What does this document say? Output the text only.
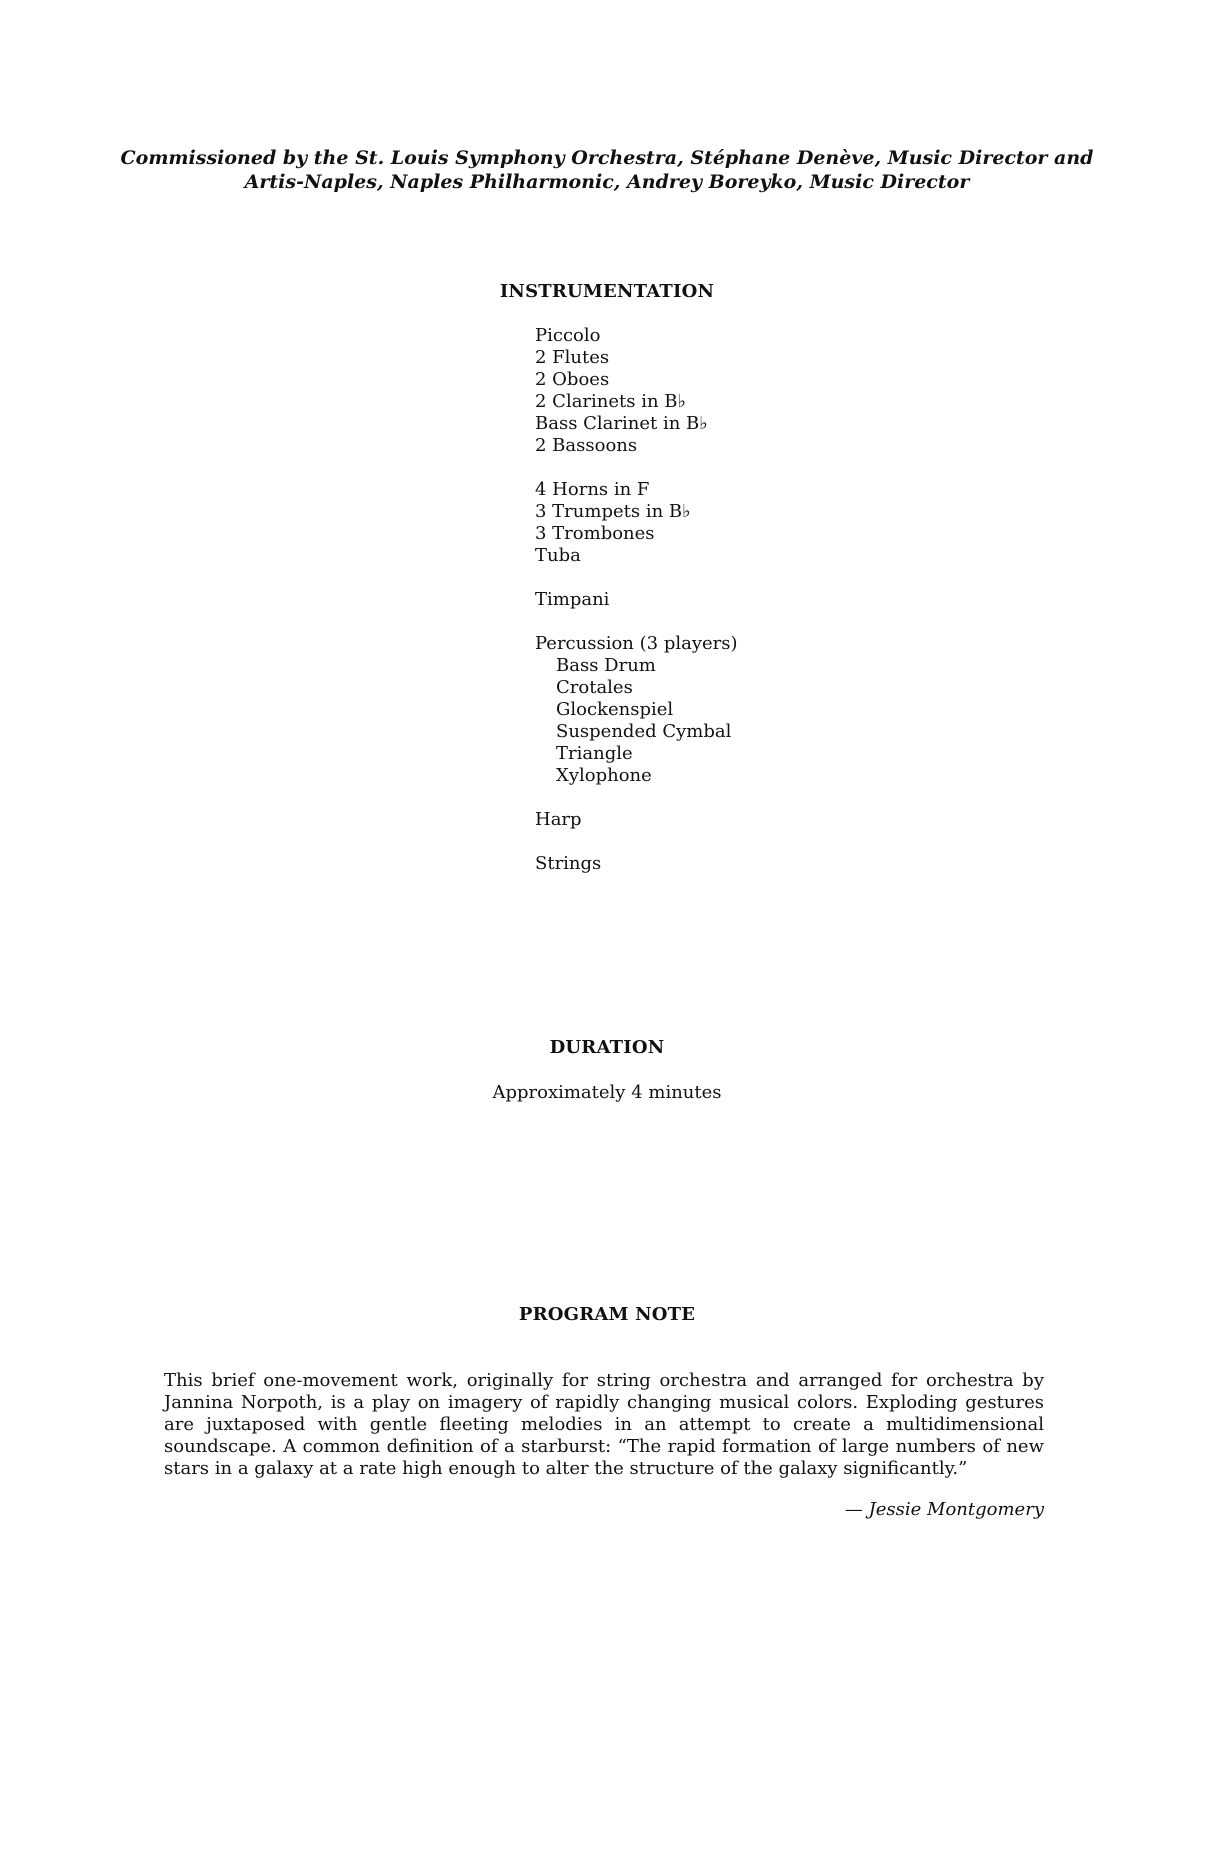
Commissioned by the St. Louis Symphony Orchestra, Stéphane Denève, Music Director and
Artis-Naples, Naples Philharmonic, Andrey Boreyko, Music Director
INSTRUMENTATION
Piccolo
2 Flutes
2 Oboes
2 Clarinets in B♭
Bass Clarinet in B♭
2 Bassoons
4 Horns in F
3 Trumpets in B♭
3 Trombones
Tuba
Timpani
Percussion (3 players)
Bass Drum
Crotales
Glockenspiel
Suspended Cymbal
Triangle
Xylophone
Harp
Strings
DURATION
Approximately 4 minutes
PROGRAM NOTE
This brief one-movement work, originally for string orchestra and arranged for orchestra by Jannina Norpoth, is a play on imagery of rapidly changing musical colors. Exploding gestures are juxtaposed with gentle fleeting melodies in an attempt to create a multidimensional soundscape. A common definition of a starburst: “The rapid formation of large numbers of new stars in a galaxy at a rate high enough to alter the structure of the galaxy significantly.”
— Jessie Montgomery
